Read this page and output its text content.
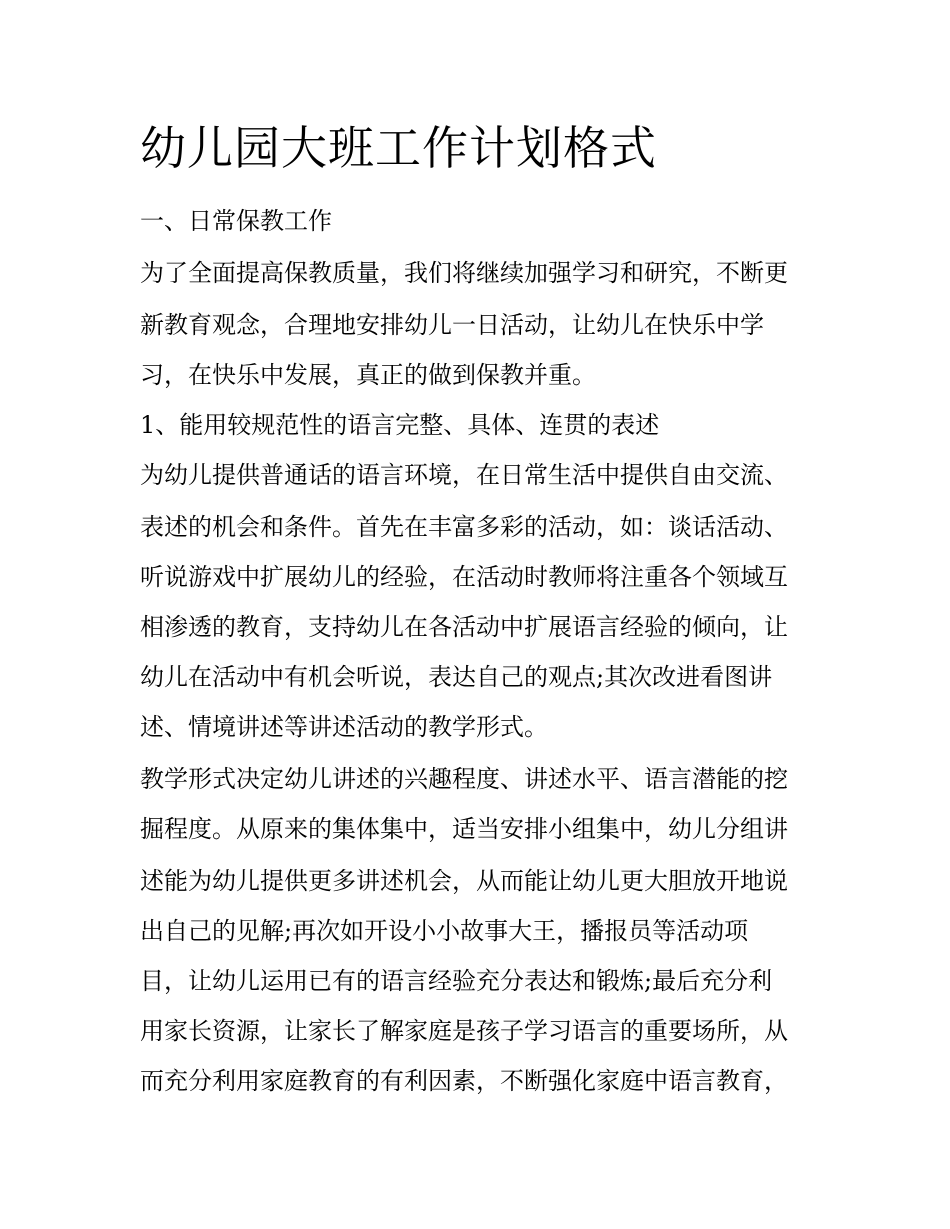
幼儿园大班工作计划格式

一、日常保教工作

为了全面提高保教质量，我们将继续加强学习和研究，不断更

新教育观念，合理地安排幼儿一日活动，让幼儿在快乐中学

习，在快乐中发展，真正的做到保教并重。

1、能用较规范性的语言完整、具体、连贯的表述

为幼儿提供普通话的语言环境，在日常生活中提供自由交流、

表述的机会和条件。首先在丰富多彩的活动，如：谈话活动、

听说游戏中扩展幼儿的经验，在活动时教师将注重各个领域互

相渗透的教育，支持幼儿在各活动中扩展语言经验的倾向，让

幼儿在活动中有机会听说，表达自己的观点;其次改进看图讲

述、情境讲述等讲述活动的教学形式。

教学形式决定幼儿讲述的兴趣程度、讲述水平、语言潜能的挖

掘程度。从原来的集体集中，适当安排小组集中，幼儿分组讲

述能为幼儿提供更多讲述机会，从而能让幼儿更大胆放开地说

出自己的见解;再次如开设小小故事大王，播报员等活动项

目，让幼儿运用已有的语言经验充分表达和锻炼;最后充分利

用家长资源，让家长了解家庭是孩子学习语言的重要场所，从

而充分利用家庭教育的有利因素，不断强化家庭中语言教育，
